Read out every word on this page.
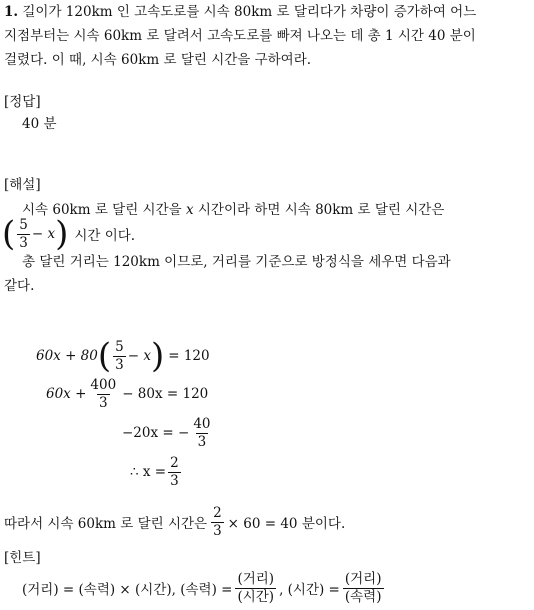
1. 길이가 120km 인 고속도로를 시속 80km 로 달리다가 차량이 증가하여 어느
지점부터는 시속 60km 로 달려서 고속도로를 빠져 나오는 데 총 1 시간 40 분이
걸렸다. 이 때, 시속 60km 로 달린 시간을 구하여라.
[정답]
40 분
[해설]
시속 60km 로 달린 시간을 x 시간이라 하면 시속 80km 로 달린 시간은
( $\frac{5}{3} - x$ ) 시간 이다.
총 달린 거리는 120km 이므로, 거리를 기준으로 방정식을 세우면 다음과
같다.
60x + 80 ( $\frac{5}{3} - x$ ) = 120
$60x + \frac{400}{3} - 80x = 120$
−20x = − $\frac{40}{3}$
∴ $x = \frac{2}{3}$
따라서 시속 60km 로 달린 시간은 $\frac{2}{3} \times 60 = 40$ 분이다.
[힌트]
(거리) = (속력) × (시간), (속력) = $\frac{\text{(거리)}}{\text{(시간)}}$ , (시간) = $\frac{\text{(거리)}}{\text{(속력)}}$
